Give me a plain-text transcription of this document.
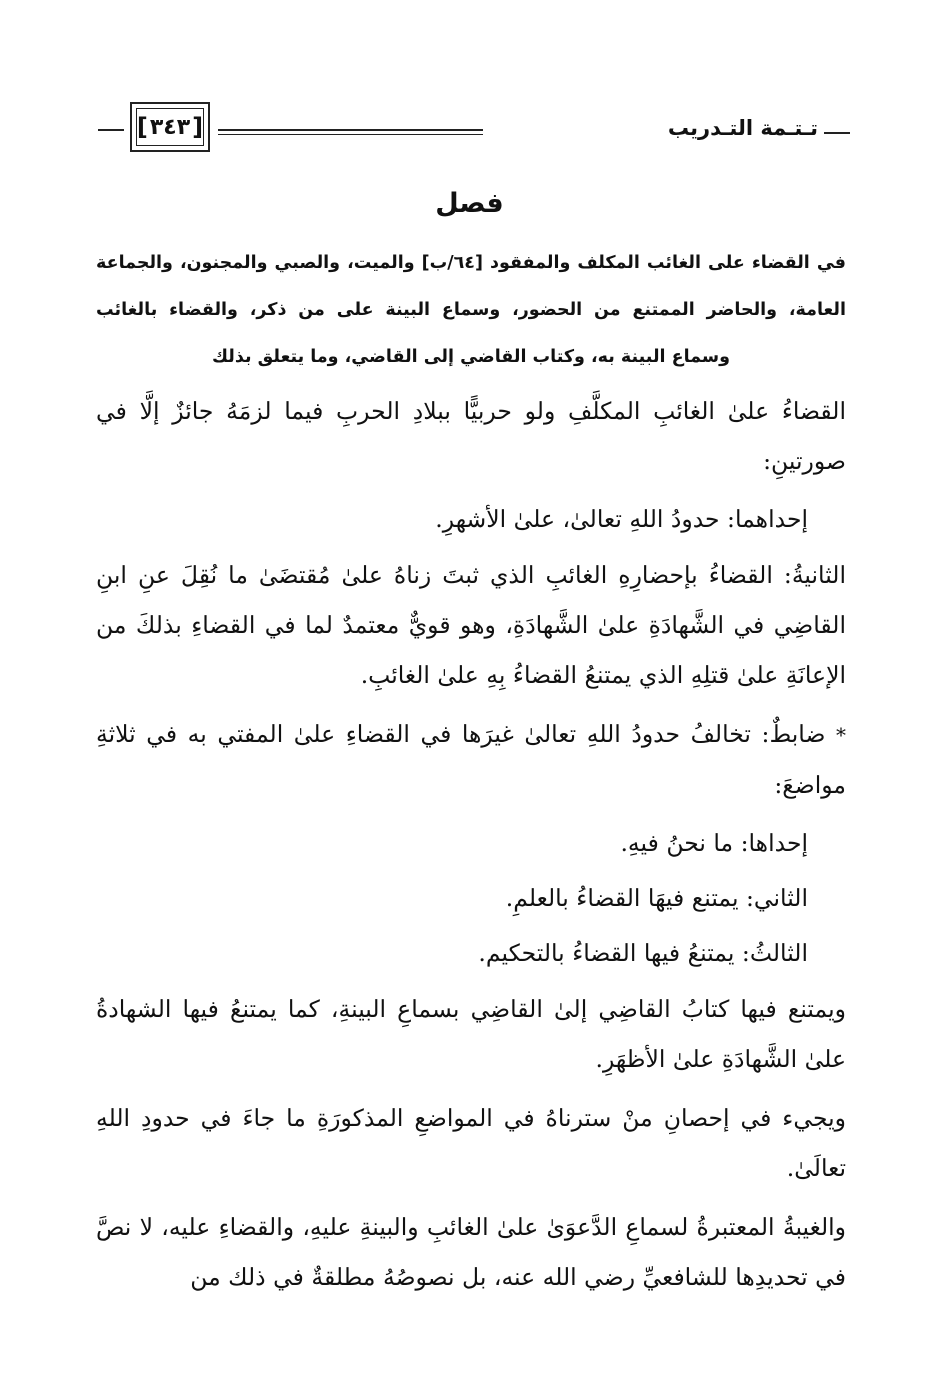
تـتـمة التـدريب
[ ٣٤٣ ]
فصل
في القضاء على الغائب المكلف والمفقود [٦٤/ب] والميت، والصبي والمجنون، والجماعة العامة، والحاضر الممتنع من الحضور، وسماع البينة على من ذكر، والقضاء بالغائب وسماع البينة به، وكتاب القاضي إلى القاضي، وما يتعلق بذلك

القضاءُ علىٰ الغائبِ المكلَّفِ ولو حربيًّا ببلادِ الحربِ فيما لزمَهُ جائزٌ إلَّا في صورتينِ:

إحداهما: حدودُ اللهِ تعالىٰ، علىٰ الأشهرِ.

الثانيةُ: القضاءُ بإحضارِهِ الغائبِ الذي ثبتَ زناهُ علىٰ مُقتضَىٰ ما نُقِلَ عنِ ابنِ القاضِي في الشَّهادَةِ علىٰ الشَّهادَةِ، وهو قويٌّ معتمدٌ لما في القضاءِ بذلكَ من الإعانَةِ علىٰ قتلِهِ الذي يمتنعُ القضاءُ بِهِ علىٰ الغائبِ.

* ضابطٌ: تخالفُ حدودُ اللهِ تعالىٰ غيرَها في القضاءِ علىٰ المفتي به في ثلاثةِ مواضعَ:

إحداها: ما نحنُ فيهِ.

الثاني: يمتنع فيهَا القضاءُ بالعلمِ.

الثالثُ: يمتنعُ فيها القضاءُ بالتحكيم.

ويمتنع فيها كتابُ القاضِي إلىٰ القاضِي بسماعِ البينةِ، كما يمتنعُ فيها الشهادةُ علىٰ الشَّهادَةِ علىٰ الأظهَرِ.

ويجيء في إحصانِ منْ سترناهُ في المواضعِ المذكورَةِ ما جاءَ في حدودِ اللهِ تعالَىٰ.

والغيبةُ المعتبرةُ لسماعِ الدَّعوَىٰ علىٰ الغائبِ والبينةِ عليهِ، والقضاءِ عليه، لا نصَّ في تحديدِها للشافعيِّ رضي الله عنه، بل نصوصُهُ مطلقةٌ في ذلك من
